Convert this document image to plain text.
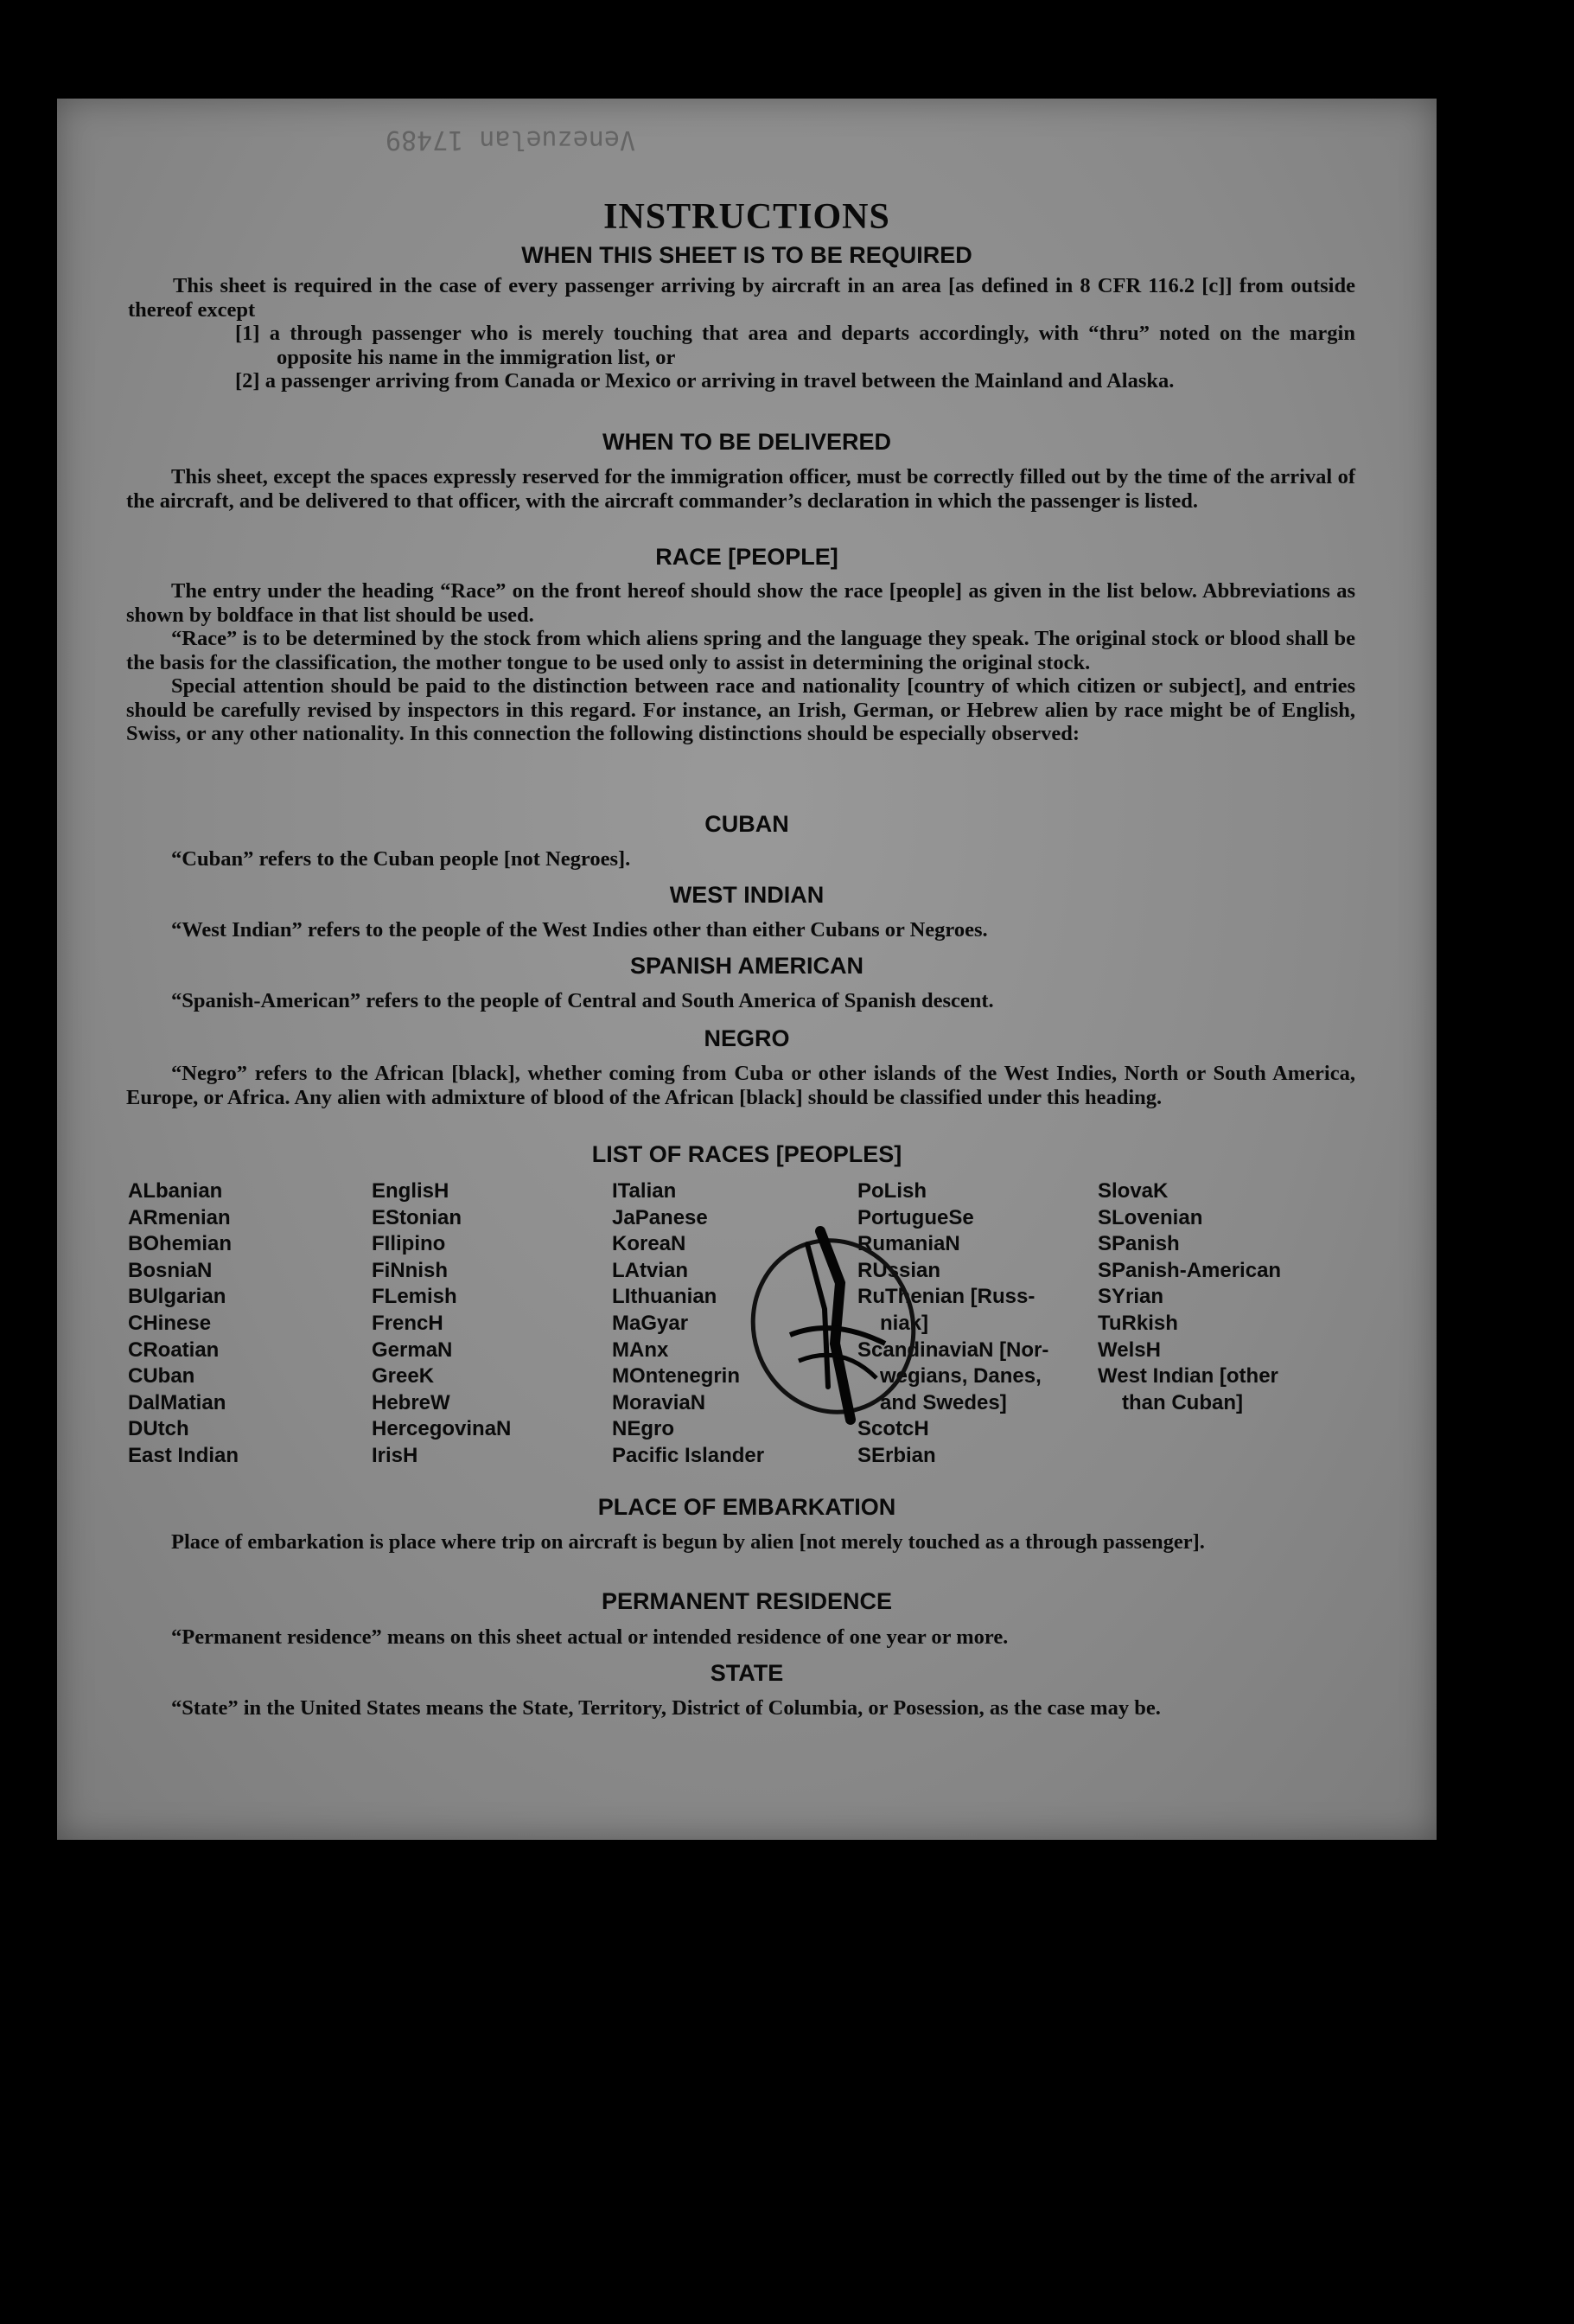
Venezuelan 17489
INSTRUCTIONS
WHEN THIS SHEET IS TO BE REQUIRED

This sheet is required in the case of every passenger arriving by aircraft in an area [as defined in 8 CFR 116.2 [c]] from outside thereof except

[1] a through passenger who is merely touching that area and departs accordingly, with “thru” noted on the margin opposite his name in the immigration list, or

[2] a passenger arriving from Canada or Mexico or arriving in travel between the Mainland and Alaska.

WHEN TO BE DELIVERED

This sheet, except the spaces expressly reserved for the immigration officer, must be correctly filled out by the time of the arrival of the aircraft, and be delivered to that officer, with the aircraft commander’s declaration in which the passenger is listed.

RACE [PEOPLE]

The entry under the heading “Race” on the front hereof should show the race [people] as given in the list below. Abbreviations as shown by boldface in that list should be used.

“Race” is to be determined by the stock from which aliens spring and the language they speak. The original stock or blood shall be the basis for the classification, the mother tongue to be used only to assist in determining the original stock.

Special attention should be paid to the distinction between race and nationality [country of which citizen or subject], and entries should be carefully revised by inspectors in this regard. For instance, an Irish, German, or Hebrew alien by race might be of English, Swiss, or any other nationality. In this connection the following distinctions should be especially observed:

CUBAN

“Cuban” refers to the Cuban people [not Negroes].

WEST INDIAN

“West Indian” refers to the people of the West Indies other than either Cubans or Negroes.

SPANISH AMERICAN

“Spanish-American” refers to the people of Central and South America of Spanish descent.

NEGRO

“Negro” refers to the African [black], whether coming from Cuba or other islands of the West Indies, North or South America, Europe, or Africa. Any alien with admixture of blood of the African [black] should be classified under this heading.

LIST OF RACES [PEOPLES]
ALbanian
ARmenian
BOhemian
BosniaN
BUlgarian
CHinese
CRoatian
CUban
DalMatian
DUtch
East Indian
EnglisH
EStonian
FIlipino
FiNnish
FLemish
FrencH
GermaN
GreeK
HebreW
HercegovinaN
IrisH
ITalian
JaPanese
KoreaN
LAtvian
LIthuanian
MaGyar
MAnx
MOntenegrin
MoraviaN
NEgro
Pacific Islander
PoLish
PortugueSe
RumaniaN
RUssian
RuThenian [Russ-
niak]
ScandinaviaN [Nor-
wegians, Danes,
and Swedes]
ScotcH
SErbian
SlovaK
SLovenian
SPanish
SPanish-American
SYrian
TuRkish
WelsH
West Indian [other
than Cuban]
PLACE OF EMBARKATION

Place of embarkation is place where trip on aircraft is begun by alien [not merely touched as a through passenger].

PERMANENT RESIDENCE

“Permanent residence” means on this sheet actual or intended residence of one year or more.

STATE

“State” in the United States means the State, Territory, District of Columbia, or Posession, as the case may be.
